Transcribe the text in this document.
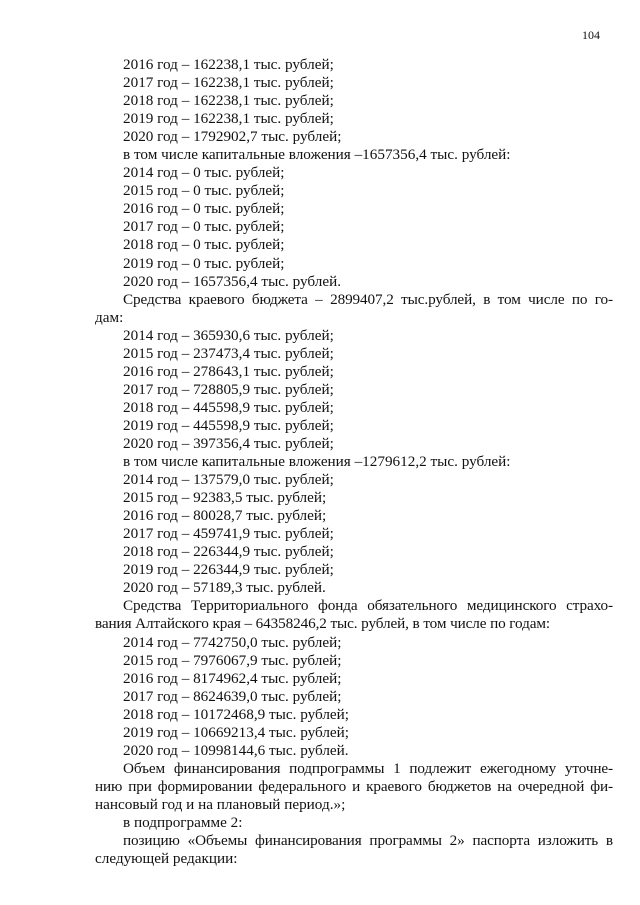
104
2016 год – 162238,1 тыс. рублей;
2017 год – 162238,1 тыс. рублей;
2018 год – 162238,1 тыс. рублей;
2019 год – 162238,1 тыс. рублей;
2020 год – 1792902,7 тыс. рублей;
в том числе капитальные вложения –1657356,4 тыс. рублей:
2014 год – 0 тыс. рублей;
2015 год – 0 тыс. рублей;
2016 год – 0 тыс. рублей;
2017 год – 0 тыс. рублей;
2018 год – 0 тыс. рублей;
2019 год – 0 тыс. рублей;
2020 год – 1657356,4 тыс. рублей.
Средства краевого бюджета – 2899407,2 тыс.рублей, в том числе по го-
дам:
2014 год – 365930,6 тыс. рублей;
2015 год – 237473,4 тыс. рублей;
2016 год – 278643,1 тыс. рублей;
2017 год – 728805,9 тыс. рублей;
2018 год – 445598,9 тыс. рублей;
2019 год – 445598,9 тыс. рублей;
2020 год – 397356,4 тыс. рублей;
в том числе капитальные вложения –1279612,2 тыс. рублей:
2014 год – 137579,0 тыс. рублей;
2015 год – 92383,5 тыс. рублей;
2016 год – 80028,7 тыс. рублей;
2017 год – 459741,9 тыс. рублей;
2018 год – 226344,9 тыс. рублей;
2019 год – 226344,9 тыс. рублей;
2020 год – 57189,3 тыс. рублей.
Средства Территориального фонда обязательного медицинского страхо-
вания Алтайского края – 64358246,2 тыс. рублей, в том числе по годам:
2014 год – 7742750,0 тыс. рублей;
2015 год – 7976067,9 тыс. рублей;
2016 год – 8174962,4 тыс. рублей;
2017 год – 8624639,0 тыс. рублей;
2018 год – 10172468,9 тыс. рублей;
2019 год – 10669213,4 тыс. рублей;
2020 год – 10998144,6 тыс. рублей.
Объем финансирования подпрограммы 1 подлежит ежегодному уточне-
нию при формировании федерального и краевого бюджетов на очередной фи-
нансовый год и на плановый период.»;
в подпрограмме 2:
позицию «Объемы финансирования программы 2» паспорта изложить в
следующей редакции:
